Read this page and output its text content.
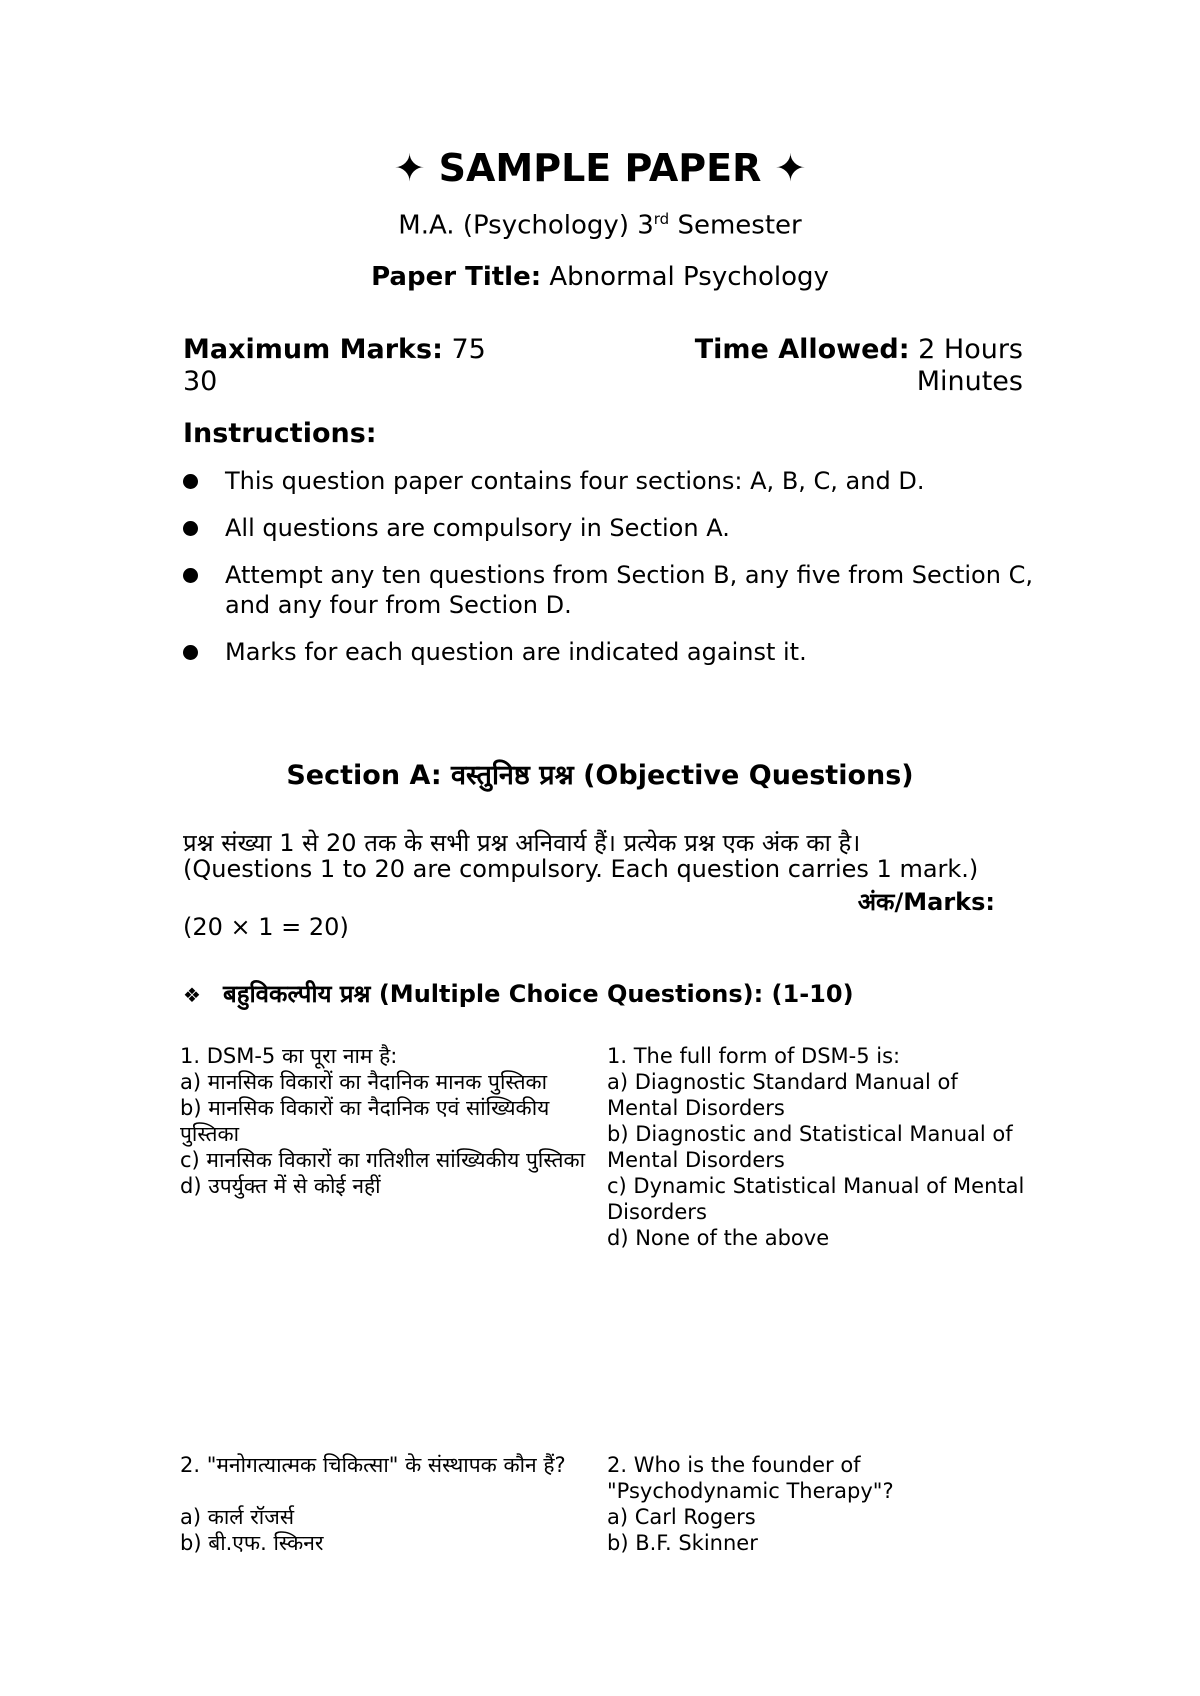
✦ SAMPLE PAPER ✦
M.A. (Psychology) 3rd Semester
Paper Title: Abnormal Psychology
Maximum Marks: 75
30
Time Allowed: 2 Hours
Minutes
Instructions:
This question paper contains four sections: A, B, C, and D.
All questions are compulsory in Section A.
Attempt any ten questions from Section B, any five from Section C, and any four from Section D.
Marks for each question are indicated against it.
Section A: वस्तुनिष्ठ प्रश्न (Objective Questions)
प्रश्न संख्या 1 से 20 तक के सभी प्रश्न अनिवार्य हैं। प्रत्येक प्रश्न एक अंक का है।
(Questions 1 to 20 are compulsory. Each question carries 1 mark.)
अंक/Marks:
(20 × 1 = 20)
❖ बहुविकल्पीय प्रश्न (Multiple Choice Questions): (1-10)
1. DSM-5 का पूरा नाम है:
a) मानसिक विकारों का नैदानिक मानक पुस्तिका
b) मानसिक विकारों का नैदानिक एवं सांख्यिकीय पुस्तिका
c) मानसिक विकारों का गतिशील सांख्यिकीय पुस्तिका
d) उपर्युक्त में से कोई नहीं
1. The full form of DSM-5 is:
a) Diagnostic Standard Manual of Mental Disorders
b) Diagnostic and Statistical Manual of Mental Disorders
c) Dynamic Statistical Manual of Mental Disorders
d) None of the above
2. "मनोगत्यात्मक चिकित्सा" के संस्थापक कौन हैं?
a) कार्ल रॉजर्स
b) बी.एफ. स्किनर
2. Who is the founder of "Psychodynamic Therapy"?
a) Carl Rogers
b) B.F. Skinner
